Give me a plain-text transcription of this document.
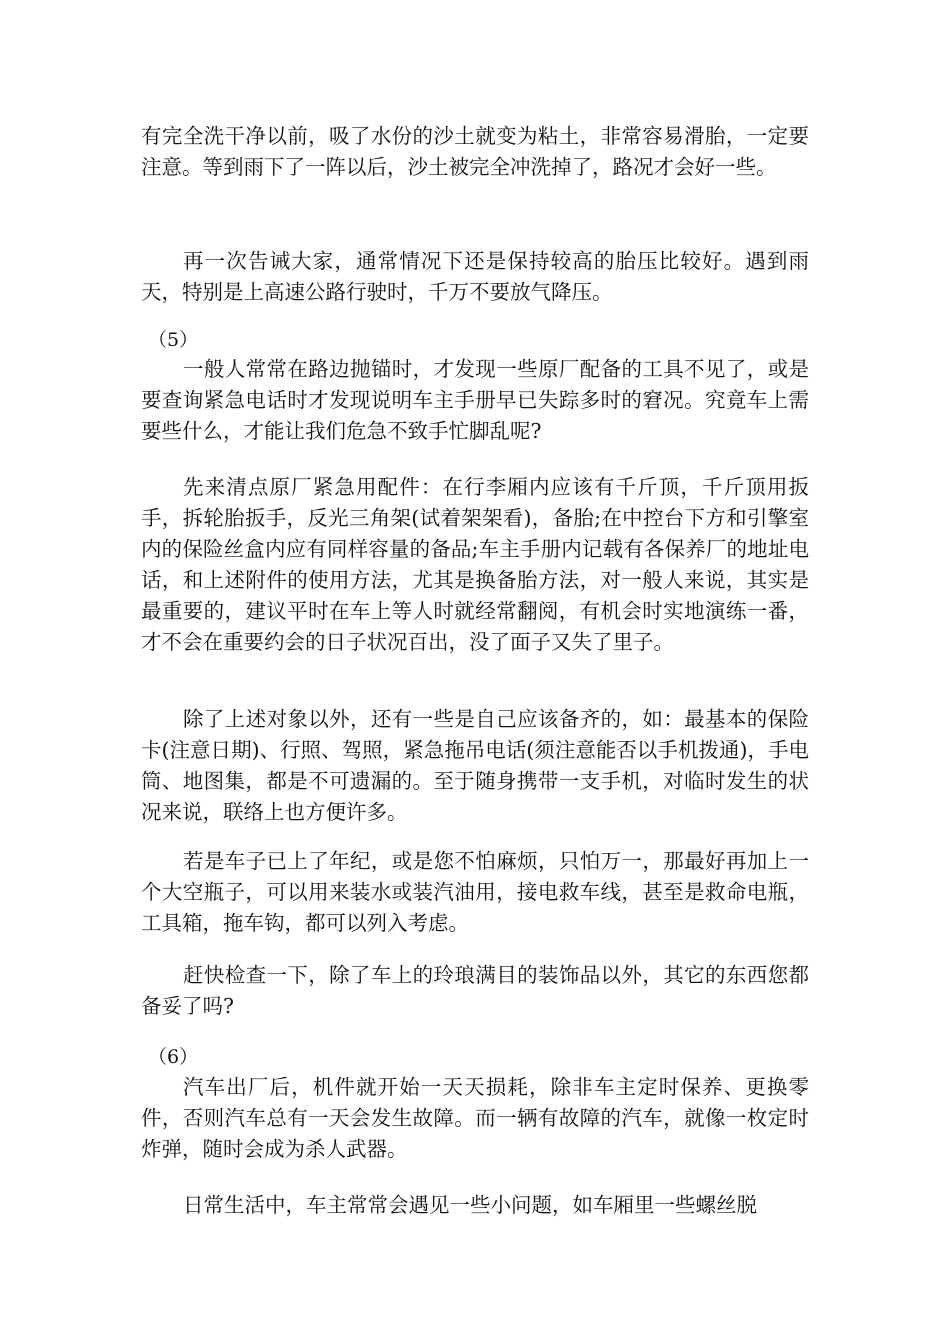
有完全洗干净以前，吸了水份的沙土就变为粘土，非常容易滑胎，一定要注意。等到雨下了一阵以后，沙土被完全冲洗掉了，路况才会好一些。

再一次告诫大家，通常情况下还是保持较高的胎压比较好。遇到雨天，特别是上高速公路行驶时，千万不要放气降压。

（5）

一般人常常在路边抛锚时，才发现一些原厂配备的工具不见了，或是要查询紧急电话时才发现说明车主手册早已失踪多时的窘况。究竟车上需要些什么，才能让我们危急不致手忙脚乱呢?

先来清点原厂紧急用配件：在行李厢内应该有千斤顶，千斤顶用扳手，拆轮胎扳手，反光三角架(试着架架看)，备胎;在中控台下方和引擎室内的保险丝盒内应有同样容量的备品;车主手册内记载有各保养厂的地址电话，和上述附件的使用方法，尤其是换备胎方法，对一般人来说，其实是最重要的，建议平时在车上等人时就经常翻阅，有机会时实地演练一番，才不会在重要约会的日子状况百出，没了面子又失了里子。

除了上述对象以外，还有一些是自己应该备齐的，如：最基本的保险卡(注意日期)、行照、驾照，紧急拖吊电话(须注意能否以手机拨通)，手电筒、地图集，都是不可遗漏的。至于随身携带一支手机，对临时发生的状况来说，联络上也方便许多。

若是车子已上了年纪，或是您不怕麻烦，只怕万一，那最好再加上一个大空瓶子，可以用来装水或装汽油用，接电救车线，甚至是救命电瓶，工具箱，拖车钩，都可以列入考虑。

赶快检查一下，除了车上的玲琅满目的装饰品以外，其它的东西您都备妥了吗?

（6）

汽车出厂后，机件就开始一天天损耗，除非车主定时保养、更换零件，否则汽车总有一天会发生故障。而一辆有故障的汽车，就像一枚定时炸弹，随时会成为杀人武器。

日常生活中，车主常常会遇见一些小问题，如车厢里一些螺丝脱
